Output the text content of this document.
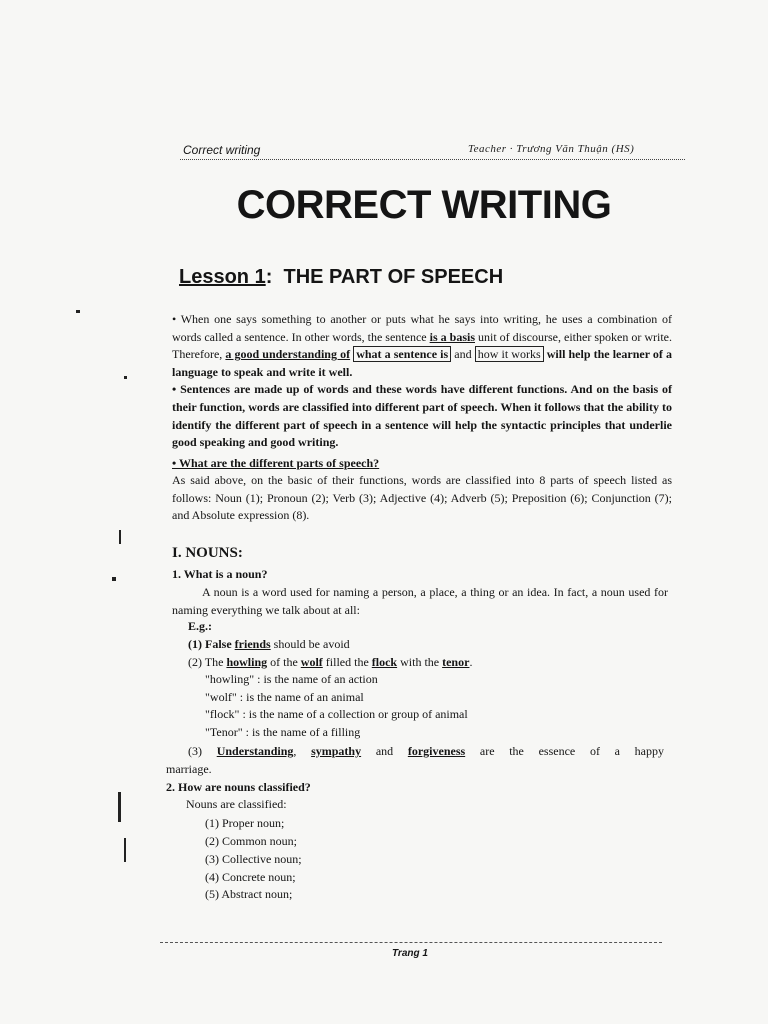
Correct writing	Teacher · Trương Văn Thuận (HS)
CORRECT WRITING
Lesson 1: THE PART OF SPEECH
• When one says something to another or puts what he says into writing, he uses a combination of words called a sentence. In other words, the sentence is a basis unit of discourse, either spoken or write. Therefore, a good understanding of what a sentence is and how it works will help the learner of a language to speak and write it well.
• Sentences are made up of words and these words have different functions. And on the basis of their function, words are classified into different part of speech. When it follows that the ability to identify the different part of speech in a sentence will help the syntactic principles that underlie good speaking and good writing.
• What are the different parts of speech?
As said above, on the basic of their functions, words are classified into 8 parts of speech listed as follows: Noun (1); Pronoun (2); Verb (3); Adjective (4); Adverb (5); Preposition (6); Conjunction (7); and Absolute expression (8).
I. NOUNS:
1. What is a noun?
A noun is a word used for naming a person, a place, a thing or an idea. In fact, a noun used for naming everything we talk about at all:
E.g.:
(1) False friends should be avoid
(2) The howling of the wolf filled the flock with the tenor.
"howling" : is the name of an action
"wolf" : is the name of an animal
"flock" : is the name of a collection or group of animal
"Tenor" : is the name of a filling
(3) Understanding, sympathy and forgiveness are the essence of a happy
marriage.
2. How are nouns classified?
Nouns are classified:
(1) Proper noun;
(2) Common noun;
(3) Collective noun;
(4) Concrete noun;
(5) Abstract noun;
Trang 1
